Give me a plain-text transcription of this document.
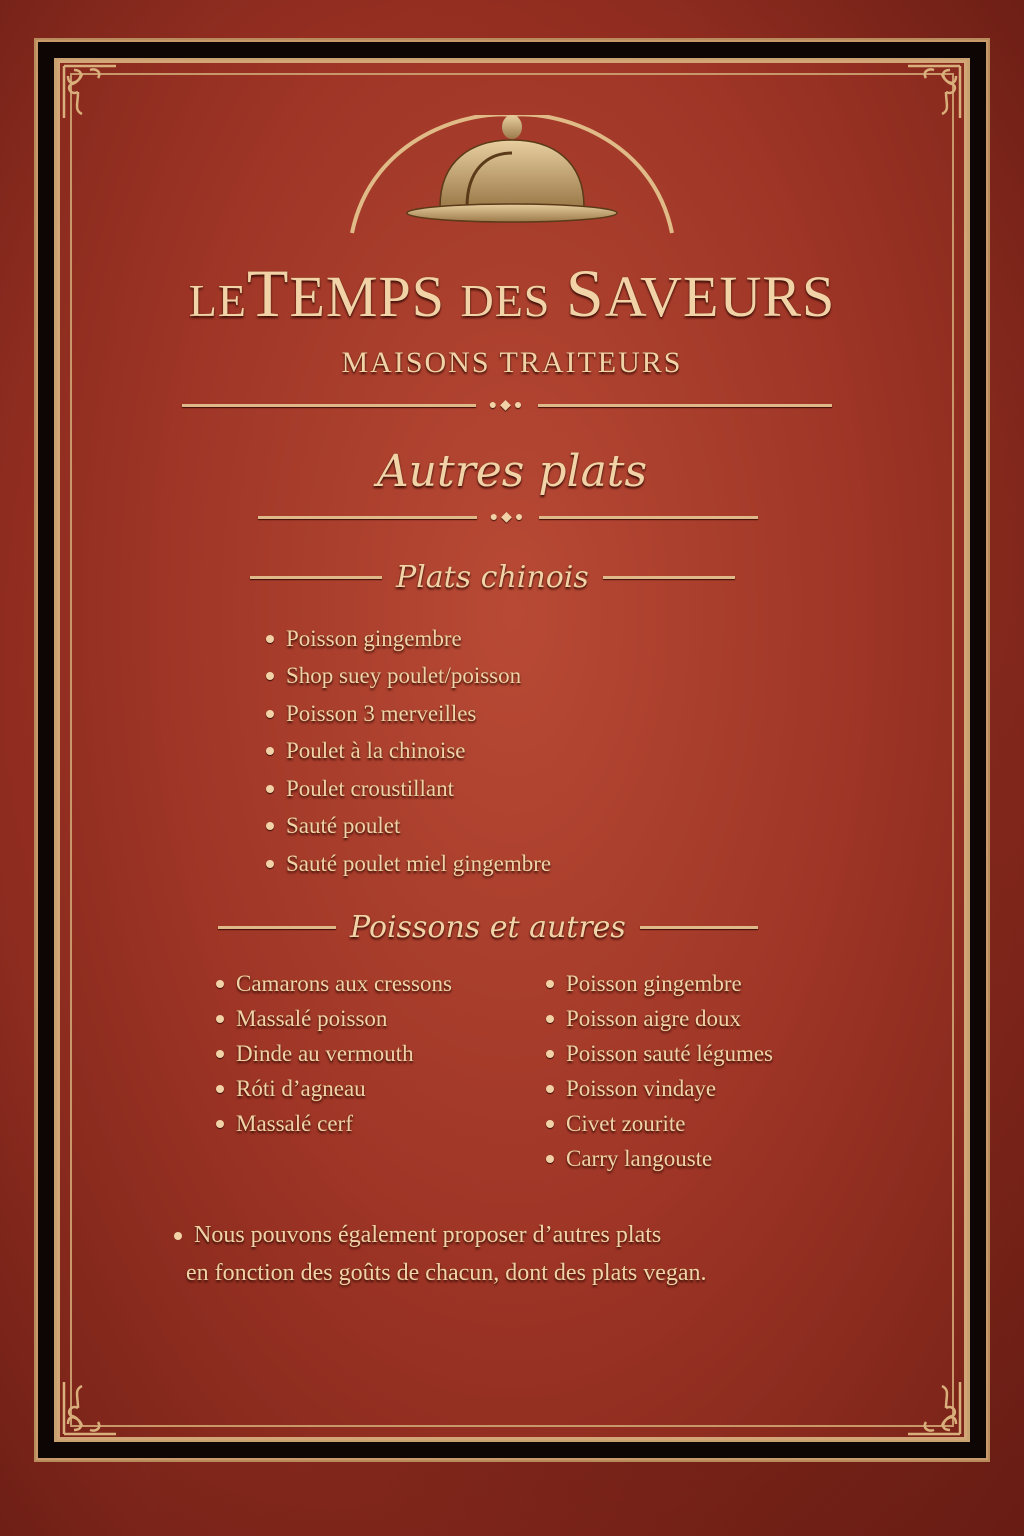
LETEMPS DES SAVEURS
MAISONS TRAITEURS
●◆●
Autres plats
●◆●
Plats chinois
Poisson gingembre
Shop suey poulet/poisson
Poisson 3 merveilles
Poulet à la chinoise
Poulet croustillant
Sauté poulet
Sauté poulet miel gingembre
Poissons et autres
Camarons aux cressons
Massalé poisson
Dinde au vermouth
Róti d’agneau
Massalé cerf
Poisson gingembre
Poisson aigre doux
Poisson sauté légumes
Poisson vindaye
Civet zourite
Carry langouste
Nous pouvons également proposer d’autres plats
en fonction des goûts de chacun, dont des plats vegan.
